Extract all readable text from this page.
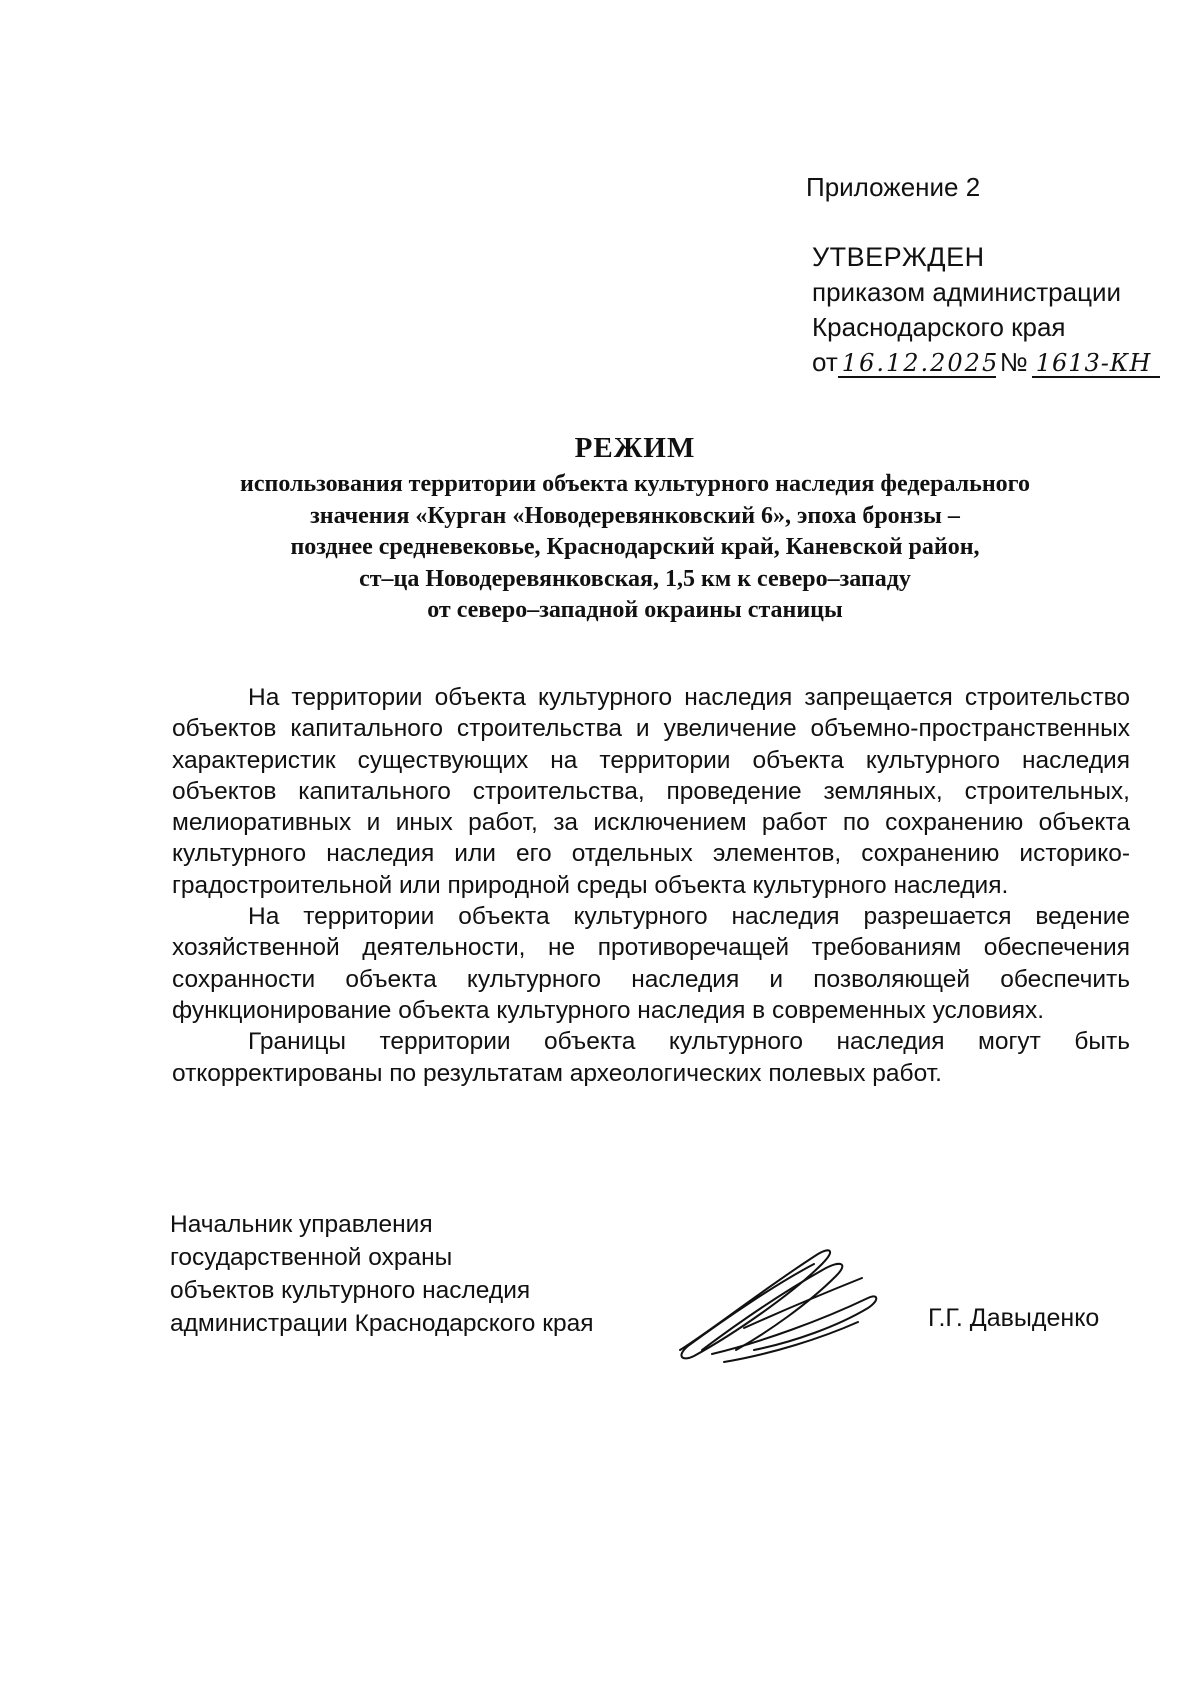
Приложение 2
УТВЕРЖДЕН
приказом администрации
Краснодарского края
от 16.12.2025№ 1613-КН
РЕЖИМ
использования территории объекта культурного наследия федерального
значения «Курган «Новодеревянковский 6», эпоха бронзы –
позднее средневековье, Краснодарский край, Каневской район,
ст–ца Новодеревянковская, 1,5 км к северо–западу
от северо–западной окраины станицы

На территории объекта культурного наследия запрещается строительство объектов капитального строительства и увеличение объемно-пространственных характеристик существующих на территории объекта культурного наследия объектов капитального строительства, проведение земляных, строительных, мелиоративных и иных работ, за исключением работ по сохранению объекта культурного наследия или его отдельных элементов, сохранению историко-градостроительной или природной среды объекта культурного наследия.

На территории объекта культурного наследия разрешается ведение хозяйственной деятельности, не противоречащей требованиям обеспечения сохранности объекта культурного наследия и позволяющей обеспечить функционирование объекта культурного наследия в современных условиях.

Границы территории объекта культурного наследия могут быть откорректированы по результатам археологических полевых работ.

Начальник управления
государственной охраны
объектов культурного наследия
администрации Краснодарского края	Г.Г. Давыденко
